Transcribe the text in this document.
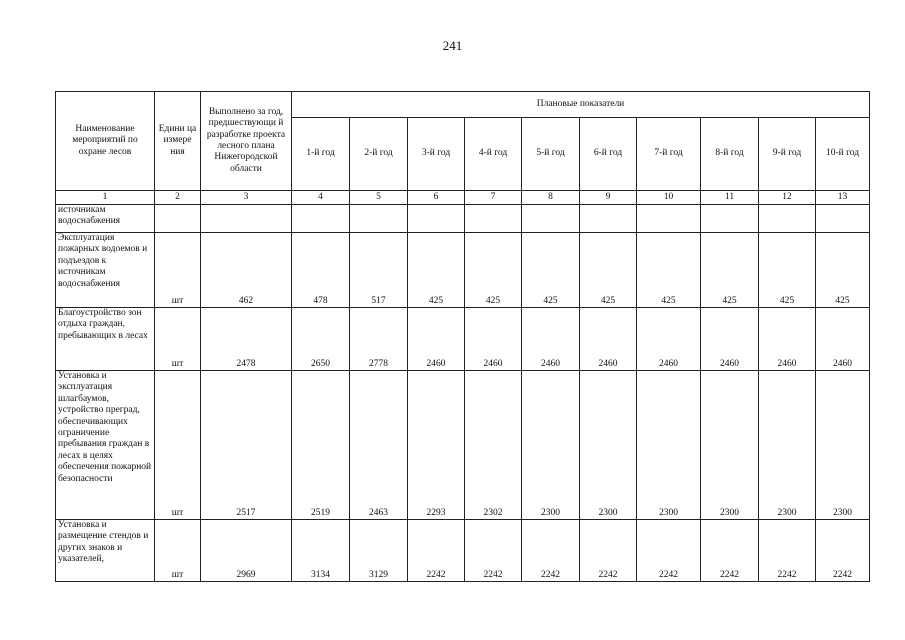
241
Наименование мероприятий по охране лесов	Едини ца измере ния	Выполнено за год, предшествующи й разработке проекта лесного плана Нижегородской области	Плановые показатели									
			1-й год	2-й год	3-й год	4-й год	5-й год	6-й год	7-й год	8-й год	9-й год	10-й год
1	2	3	4	5	6	7	8	9	10	11	12	13
источникам водоснабжения												
Эксплуатация пожарных водоемов и подъездов к источникам водоснабжения	шт	462	478	517	425	425	425	425	425	425	425	425
Благоустройство зон отдыха граждан, пребывающих в лесах	шт	2478	2650	2778	2460	2460	2460	2460	2460	2460	2460	2460
Установка и эксплуатация шлагбаумов, устройство преград, обеспечивающих ограничение пребывания граждан в лесах в целях обеспечения пожарной безопасности	шт	2517	2519	2463	2293	2302	2300	2300	2300	2300	2300	2300
Установка и размещение стендов и других знаков и указателей,	шт	2969	3134	3129	2242	2242	2242	2242	2242	2242	2242	2242
